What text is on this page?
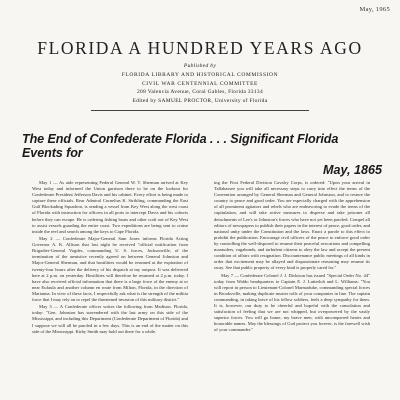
May, 1965
FLORIDA A HUNDRED YEARS AGO
Published by
FLORIDA LIBRARY AND HISTORICAL COMMISSION
CIVIL WAR CENTENNIAL COMMITTEE
208 Valencia Avenue, Coral Gables, Florida 33134
Edited by SAMUEL PROCTOR, University of Florida
The End of Confederate Florida . . . Significant Florida Events for
May, 1865

May 1 — As aide representing Federal General W. T. Sherman arrived at Key West today and informed the Union garrison there to be on the lookout for Confederate President Jefferson Davis and his cabinet. Every effort is being made to capture these officials. Rear Admiral Cornelius K. Stribling, commanding the East Gulf Blockading Squadron, is sending a vessel from Key West along the west coast of Florida with instruction for officers in all ports to intercept Davis and his cohorts before they can escape. He is ordering fishing boats and other craft out of Key West to assist vessels guarding the entire coast. Two expeditions are being sent to cruise inside the reef and search among the keys to Cape Florida.

May 2 — Confederate Major-General Sam Jones informs Florida Acting Governor A. K. Allison that last night he received "official notification from Brigadier-General Vogdes, commanding U. S. forces, Jacksonville, of the termination of the armistice recently agreed on between General Johnston and Major-General Sherman, and that hostilities would be resumed at the expiration of twenty-four hours after the delivery of his dispatch at my outpost. It was delivered here at 2 p.m. on yesterday. Hostilities will therefore be resumed at 2 p.m. today. I have also received official information that there is a large force of the enemy at or near Eufaula and another column en route from Milton, Florida, in the direction of Marianna. In view of these facts, I respectfully ask what is the strength of the militia force that I may rely on to repel the threatened invasion of this military district."

May 3 — A Confederate officer writes the following from Madison, Florida, today: "Gen. Johnston has surrendered with the last army on this side of the Mississippi, and including this Department (Confederate Department of Florida) and I suppose we will all be paroled in a few days. This is an end of the matter on this side of the Mississippi. Kirby Smith may hold out there for a while.

ing the First Federal Division Cavalry Corps, is ordered: "Upon your arrival in Tallahassee you will take all necessary steps to carry into effect the terms of the Convention arranged by General Sherman and General Johnston, and to restore the country to peace and good order. You are especially charged with the apprehension of all prominent agitators and rebels who are endeavoring to evade the terms of the capitulation, and will take active measures to disperse and take prisoner all detachments of Lee's or Johnston's forces who have not yet been paroled. Compel all editors of newspapers to publish their papers in the interest of peace, good order, and national unity under the Constitution and the laws. Enact a parole to this effect to prohibit the publication. Encourage civil officers of the peace to enforce good order by controlling the well-disposed to resume their peaceful avocations and compelling marauders, vagabonds, and turbulent citizens to obey the law and accept the present condition of affairs with resignation. Discountenance public meetings of all kinds in order that excitement may be allayed and dispassionate reasoning may resume its sway. See that public property of every kind is properly cared for."

May 7 — Confederate Colonel J. J. Dickison has issued "Special Order No. 44" today from Waldo headquarters to Captain E. J. Lutterloh and L. Williams: "You will report in person to Lieutenant-Colonel Marmaduke, commanding special forces in Brooksville, making duplicate muster rolls of your companies in line. The captain commanding, in taking leave of his fellow soldiers, feels a deep sympathy for them. It is, however, our duty to be cheerful and hopeful with the consolation and satisfaction of feeling that we are not whipped, but overpowered by the vastly superior forces. You will go home, my brave men, with unconquered hearts and honorable names. May the blessings of God protect you forever, is the farewell wish of your commander."
